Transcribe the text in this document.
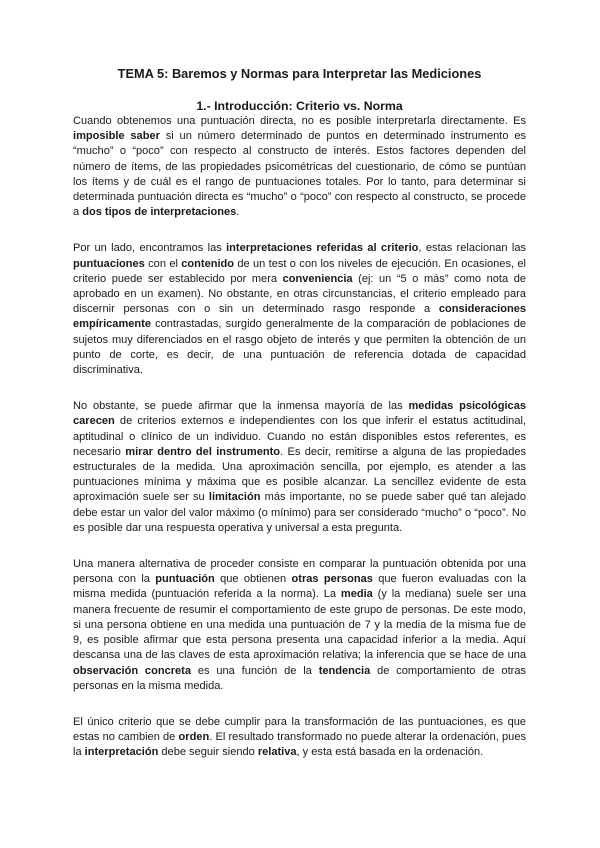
TEMA 5: Baremos y Normas para Interpretar las Mediciones
1.- Introducción: Criterio vs. Norma

Cuando obtenemos una puntuación directa, no es posible interpretarla directamente. Es imposible saber si un número determinado de puntos en determinado instrumento es “mucho” o “poco” con respecto al constructo de interés. Estos factores dependen del número de ítems, de las propiedades psicométricas del cuestionario, de cómo se puntúan los ítems y de cuál es el rango de puntuaciones totales. Por lo tanto, para determinar si determinada puntuación directa es “mucho” o “poco” con respecto al constructo, se procede a dos tipos de interpretaciones.

Por un lado, encontramos las interpretaciones referidas al criterio, estas relacionan las puntuaciones con el contenido de un test o con los niveles de ejecución. En ocasiones, el criterio puede ser establecido por mera conveniencia (ej: un “5 o más” como nota de aprobado en un examen). No obstante, en otras circunstancias, el criterio empleado para discernir personas con o sin un determinado rasgo responde a consideraciones empíricamente contrastadas, surgido generalmente de la comparación de poblaciones de sujetos muy diferenciados en el rasgo objeto de interés y que permiten la obtención de un punto de corte, es decir, de una puntuación de referencia dotada de capacidad discriminativa.

No obstante, se puede afirmar que la inmensa mayoría de las medidas psicológicas carecen de criterios externos e independientes con los que inferir el estatus actitudinal, aptitudinal o clínico de un individuo. Cuando no están disponibles estos referentes, es necesario mirar dentro del instrumento. Es decir, remitirse a alguna de las propiedades estructurales de la medida. Una aproximación sencilla, por ejemplo, es atender a las puntuaciones mínima y máxima que es posible alcanzar. La sencillez evidente de esta aproximación suele ser su limitación más importante, no se puede saber qué tan alejado debe estar un valor del valor máximo (o mínimo) para ser considerado “mucho” o “poco”. No es posible dar una respuesta operativa y universal a esta pregunta.

Una manera alternativa de proceder consiste en comparar la puntuación obtenida por una persona con la puntuación que obtienen otras personas que fueron evaluadas con la misma medida (puntuación referida a la norma). La media (y la mediana) suele ser una manera frecuente de resumir el comportamiento de este grupo de personas. De este modo, si una persona obtiene en una medida una puntuación de 7 y la media de la misma fue de 9, es posible afirmar que esta persona presenta una capacidad inferior a la media. Aquí descansa una de las claves de esta aproximación relativa; la inferencia que se hace de una observación concreta es una función de la tendencia de comportamiento de otras personas en la misma medida.

El único criterio que se debe cumplir para la transformación de las puntuaciones, es que estas no cambien de orden. El resultado transformado no puede alterar la ordenación, pues la interpretación debe seguir siendo relativa, y esta está basada en la ordenación.
